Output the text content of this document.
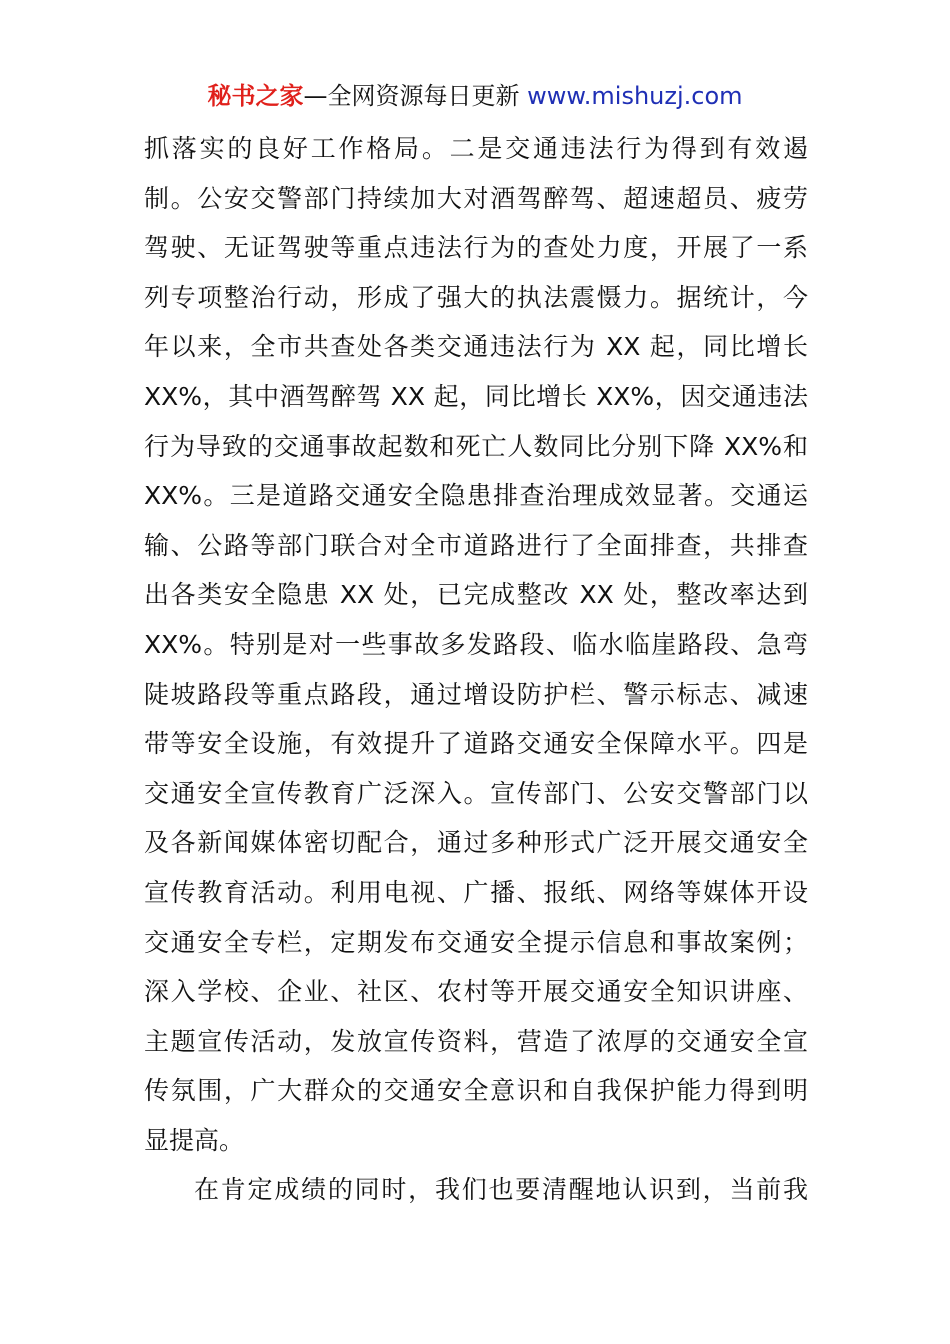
秘书之家—全网资源每日更新 www.mishuzj.com
抓落实的良好工作格局。二是交通违法行为得到有效遏
制。公安交警部门持续加大对酒驾醉驾、超速超员、疲劳
驾驶、无证驾驶等重点违法行为的查处力度，开展了一系
列专项整治行动，形成了强大的执法震慑力。据统计，今
年以来，全市共查处各类交通违法行为 XX 起，同比增长
XX%，其中酒驾醉驾 XX 起，同比增长 XX%，因交通违法
行为导致的交通事故起数和死亡人数同比分别下降 XX%和
XX%。三是道路交通安全隐患排查治理成效显著。交通运
输、公路等部门联合对全市道路进行了全面排查，共排查
出各类安全隐患 XX 处，已完成整改 XX 处，整改率达到
XX%。特别是对一些事故多发路段、临水临崖路段、急弯
陡坡路段等重点路段，通过增设防护栏、警示标志、减速
带等安全设施，有效提升了道路交通安全保障水平。四是
交通安全宣传教育广泛深入。宣传部门、公安交警部门以
及各新闻媒体密切配合，通过多种形式广泛开展交通安全
宣传教育活动。利用电视、广播、报纸、网络等媒体开设
交通安全专栏，定期发布交通安全提示信息和事故案例；
深入学校、企业、社区、农村等开展交通安全知识讲座、
主题宣传活动，发放宣传资料，营造了浓厚的交通安全宣
传氛围，广大群众的交通安全意识和自我保护能力得到明
显提高。
在肯定成绩的同时，我们也要清醒地认识到，当前我
